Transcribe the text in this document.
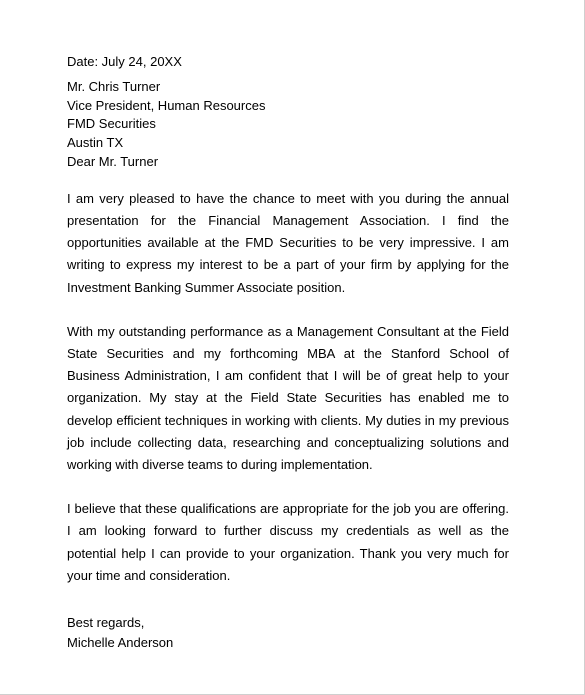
Date: July 24, 20XX

Mr. Chris Turner

Vice President, Human Resources

FMD Securities

Austin TX

Dear Mr. Turner

I am very pleased to have the chance to meet with you during the annual presentation for the Financial Management Association. I find the opportunities available at the FMD Securities to be very impressive. I am writing to express my interest to be a part of your firm by applying for the Investment Banking Summer Associate position.

With my outstanding performance as a Management Consultant at the Field State Securities and my forthcoming MBA at the Stanford School of Business Administration, I am confident that I will be of great help to your organization. My stay at the Field State Securities has enabled me to develop efficient techniques in working with clients. My duties in my previous job include collecting data, researching and conceptualizing solutions and working with diverse teams to during implementation.

I believe that these qualifications are appropriate for the job you are offering. I am looking forward to further discuss my credentials as well as the potential help I can provide to your organization. Thank you very much for your time and consideration.

Best regards,

Michelle Anderson
